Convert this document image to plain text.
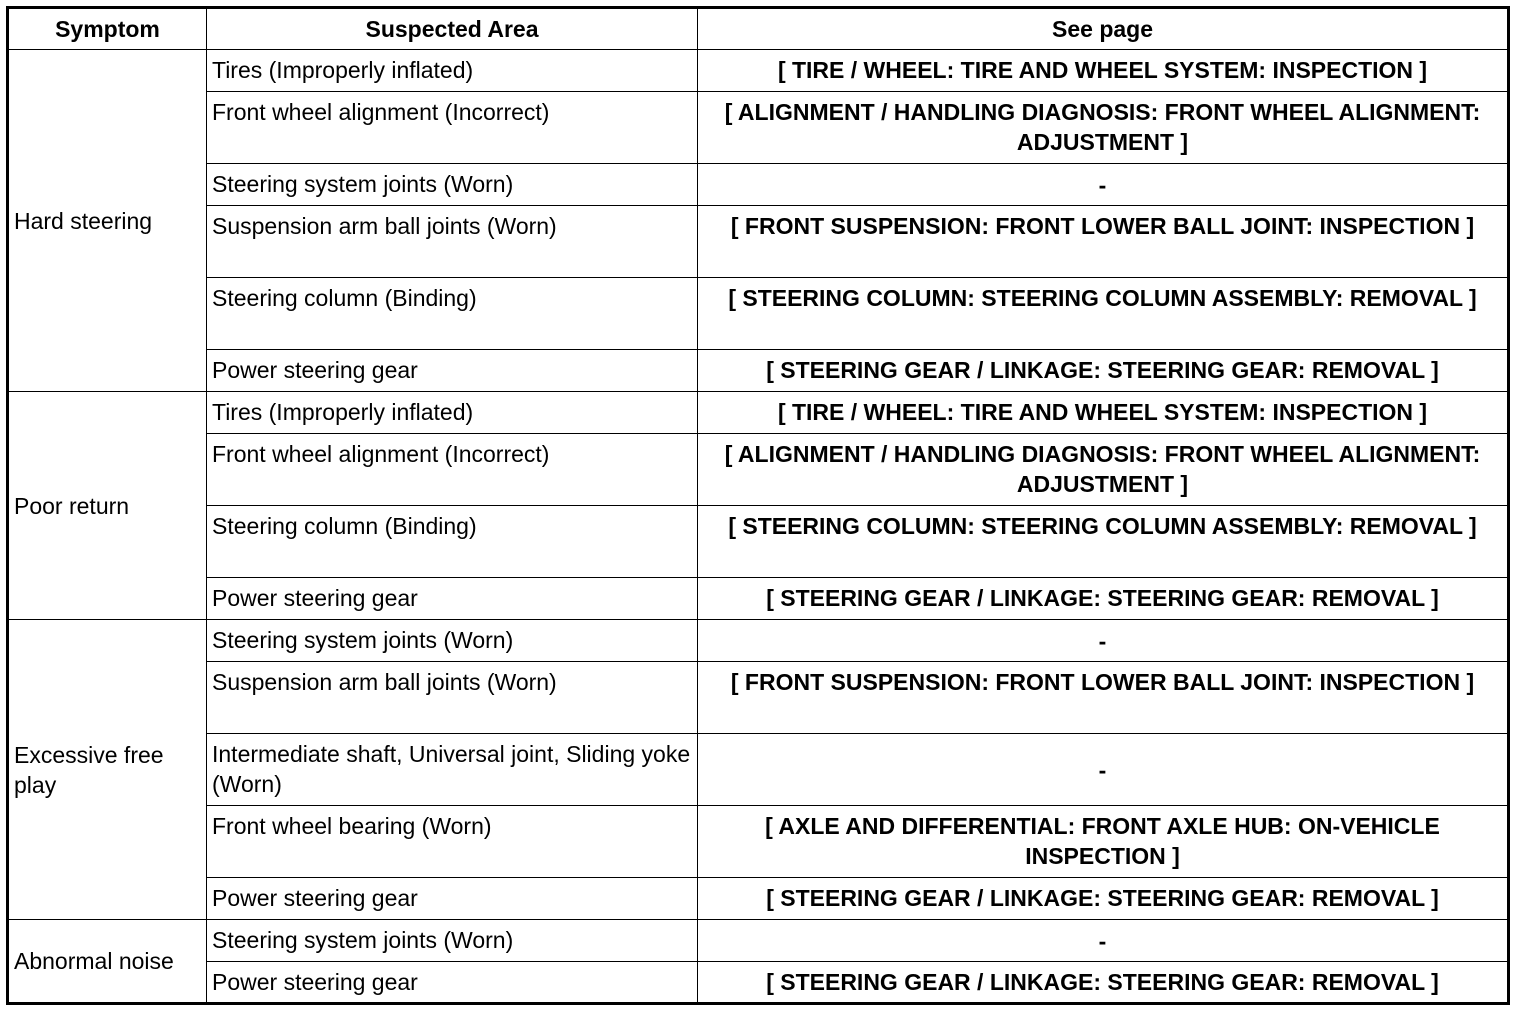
Symptom	Suspected Area	See page
Hard steering	Tires (Improperly inflated)	[ TIRE / WHEEL: TIRE AND WHEEL SYSTEM: INSPECTION ]
	Front wheel alignment (Incorrect)	[ ALIGNMENT / HANDLING DIAGNOSIS: FRONT WHEEL ALIGNMENT: ADJUSTMENT ]
	Steering system joints (Worn)	-
	Suspension arm ball joints (Worn)	[ FRONT SUSPENSION: FRONT LOWER BALL JOINT: INSPECTION ]
	Steering column (Binding)	[ STEERING COLUMN: STEERING COLUMN ASSEMBLY: REMOVAL ]
	Power steering gear	[ STEERING GEAR / LINKAGE: STEERING GEAR: REMOVAL ]
Poor return	Tires (Improperly inflated)	[ TIRE / WHEEL: TIRE AND WHEEL SYSTEM: INSPECTION ]
	Front wheel alignment (Incorrect)	[ ALIGNMENT / HANDLING DIAGNOSIS: FRONT WHEEL ALIGNMENT: ADJUSTMENT ]
	Steering column (Binding)	[ STEERING COLUMN: STEERING COLUMN ASSEMBLY: REMOVAL ]
	Power steering gear	[ STEERING GEAR / LINKAGE: STEERING GEAR: REMOVAL ]
Excessive free play	Steering system joints (Worn)	-
	Suspension arm ball joints (Worn)	[ FRONT SUSPENSION: FRONT LOWER BALL JOINT: INSPECTION ]
	Intermediate shaft, Universal joint, Sliding yoke (Worn)	-
	Front wheel bearing (Worn)	[ AXLE AND DIFFERENTIAL: FRONT AXLE HUB: ON-VEHICLE INSPECTION ]
	Power steering gear	[ STEERING GEAR / LINKAGE: STEERING GEAR: REMOVAL ]
Abnormal noise	Steering system joints (Worn)	-
	Power steering gear	[ STEERING GEAR / LINKAGE: STEERING GEAR: REMOVAL ]
